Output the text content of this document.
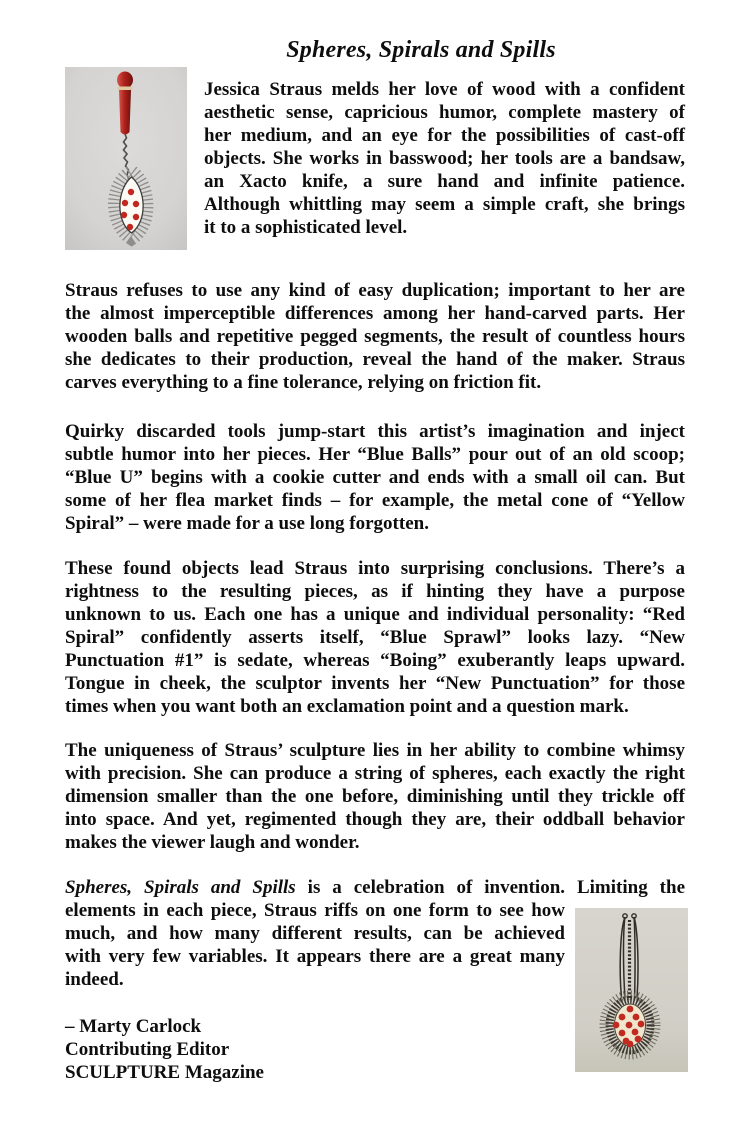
Spheres, Spirals and Spills
Jessica Straus melds her love of wood with a confident
aesthetic sense, capricious humor, complete mastery of
her medium, and an eye for the possibilities of cast-off
objects. She works in basswood; her tools are a bandsaw,
an Xacto knife, a sure hand and infinite patience.
Although whittling may seem a simple craft, she brings
it to a sophisticated level.
Straus refuses to use any kind of easy duplication; important to her are
the almost imperceptible differences among her hand-carved parts. Her
wooden balls and repetitive pegged segments, the result of countless hours
she dedicates to their production, reveal the hand of the maker. Straus
carves everything to a fine tolerance, relying on friction fit.
Quirky discarded tools jump-start this artist’s imagination and inject
subtle humor into her pieces. Her “Blue Balls” pour out of an old scoop;
“Blue U” begins with a cookie cutter and ends with a small oil can. But
some of her flea market finds – for example, the metal cone of “Yellow
Spiral” – were made for a use long forgotten.
These found objects lead Straus into surprising conclusions. There’s a
rightness to the resulting pieces, as if hinting they have a purpose
unknown to us. Each one has a unique and individual personality: “Red
Spiral” confidently asserts itself, “Blue Sprawl” looks lazy. “New
Punctuation #1” is sedate, whereas “Boing” exuberantly leaps upward.
Tongue in cheek, the sculptor invents her “New Punctuation” for those
times when you want both an exclamation point and a question mark.
The uniqueness of Straus’ sculpture lies in her ability to combine whimsy
with precision. She can produce a string of spheres, each exactly the right
dimension smaller than the one before, diminishing until they trickle off
into space. And yet, regimented though they are, their oddball behavior
makes the viewer laugh and wonder.
Spheres, Spirals and Spills is a celebration of invention. Limiting the
elements in each piece, Straus riffs on one form to see how
much, and how many different results, can be achieved
with very few variables. It appears there are a great many
indeed.
– Marty Carlock
Contributing Editor
SCULPTURE Magazine
